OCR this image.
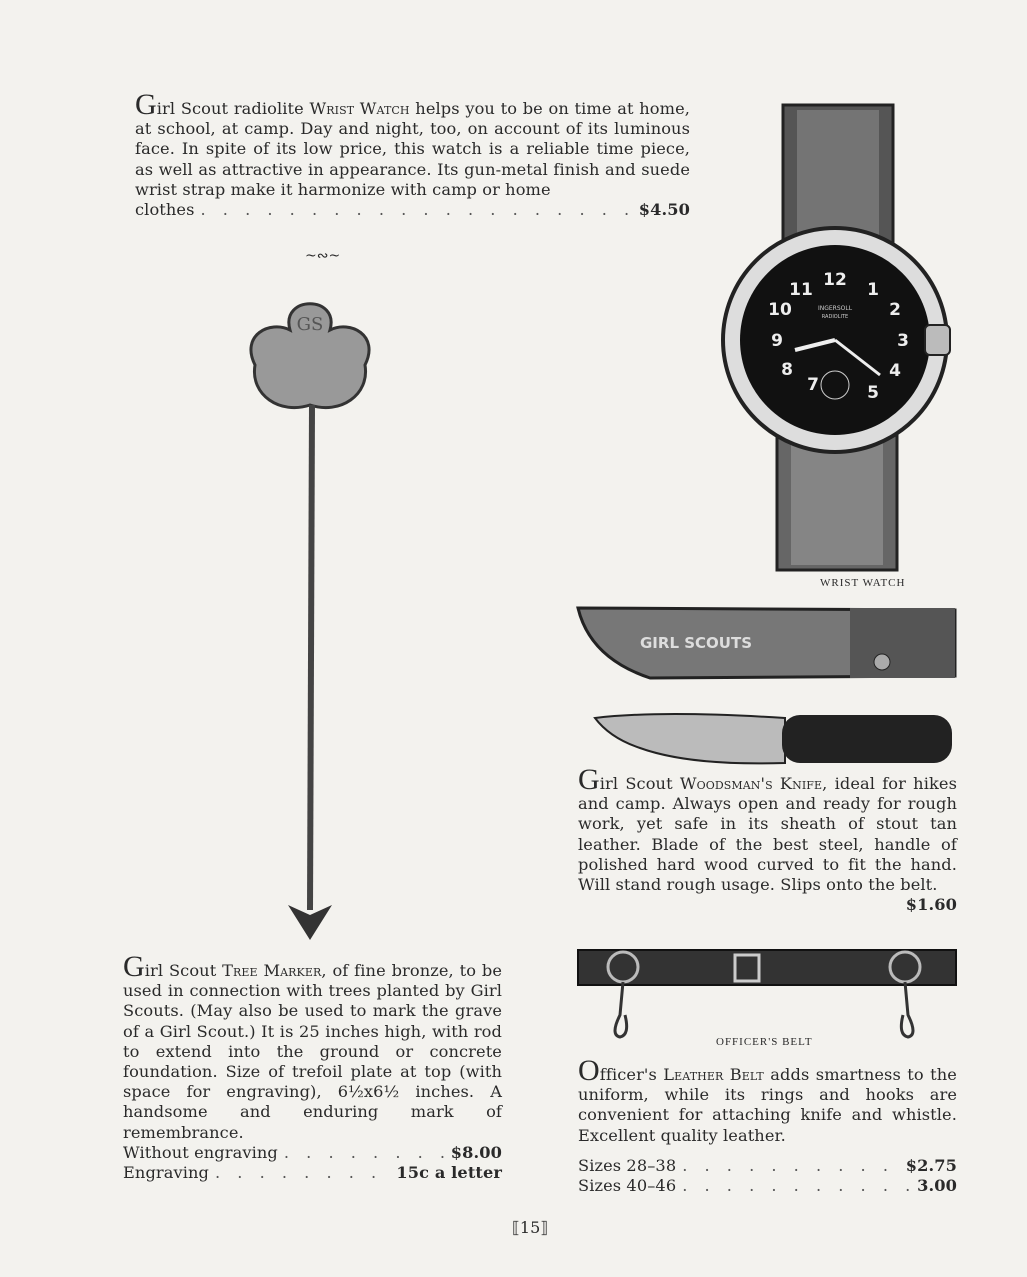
Girl Scout radiolite Wrist Watch helps you to be on time at home, at school, at camp. Day and night, too, on account of its luminous face. In spite of its low price, this watch is a reliable time piece, as well as attractive in appearance. Its gun-metal finish and suede wrist strap make it harmonize with camp or home

clothes . . .	$4.50
~∾~
12 1
2
3
4
5
7
8
9
10
11
INGERSOLL
RADIOLITE
WRIST WATCH
GIRL SCOUTS

Girl Scout Woodsman's Knife, ideal for hikes and camp. Always open and ready for rough work, yet safe in its sheath of stout tan leather. Blade of the best steel, handle of polished hard wood curved to fit the hand. Will stand rough usage. Slips onto the belt.

$1.60
GS

Girl Scout Tree Marker, of fine bronze, to be used in connection with trees planted by Girl Scouts. (May also be used to mark the grave of a Girl Scout.) It is 25 inches high, with rod to extend into the ground or concrete foundation. Size of trefoil plate at top (with space for engraving), 6½x6½ inches. A handsome and enduring mark of remembrance.

Without engraving . . .	$8.00
Engraving . . .	15c a letter
OFFICER'S BELT

Officer's Leather Belt adds smartness to the uniform, while its rings and hooks are convenient for attaching knife and whistle. Excellent quality leather.

Sizes 28–38 . . .	$2.75
Sizes 40–46 . . .	3.00
⟦15⟧
